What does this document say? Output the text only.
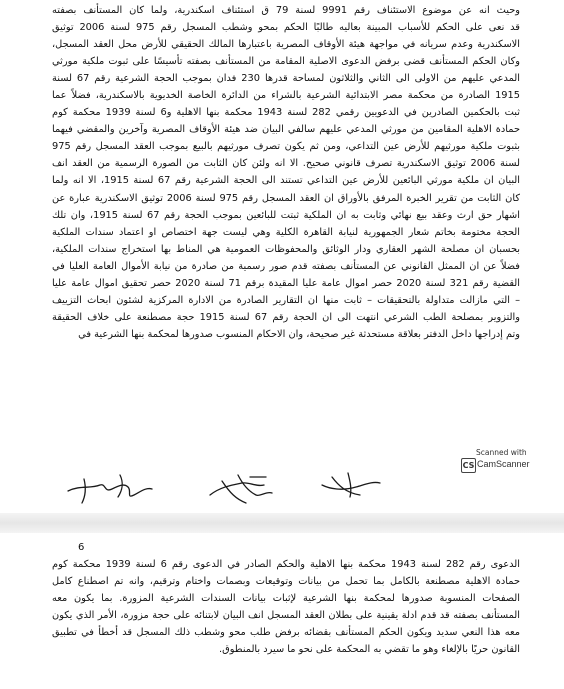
وحيث انه عن موضوع الاستئناف رقم 9991 لسنة 79 ق استئناف اسكندرية، ولما كان المستأنف بصفته
قد نعى على الحكم للأسباب المبينة بعاليه طالبًا الحكم بمحو وشطب المسجل رقم 975 لسنة 2006 توثيق
الاسكندرية وعدم سريانه في مواجهة هيئة الأوقاف المصرية باعتبارها المالك الحقيقي للأرض محل العقد المسجل،
وكان الحكم المستأنف قضى برفض الدعوى الاصلية المقامة من المستأنف بصفته تأسيسًا على ثبوت ملكية مورثي
المدعي عليهم من الاولى الى الثاني والثلاثون لمساحة قدرها 230 فدان بموجب الحجة الشرعية رقم 67 لسنة
1915 الصادرة من محكمة مصر الابتدائية الشرعية بالشراء من الدائرة الخاصة الخديوية بالاسكندرية، فضلاً عما
ثبت بالحكمين الصادرين في الدعويين رقمي 282 لسنة 1943 محكمة بنها الاهلية و6 لسنة 1939 محكمة كوم
حمادة الاهلية المقامين من مورثي المدعي عليهم سالفي البيان ضد هيئة الأوقاف المصرية وآخرين والمقضي فيهما
بثبوت ملكية مورثيهم للأرض عين التداعي، ومن ثم يكون تصرف مورثيهم بالبيع بموجب العقد المسجل رقم 975
لسنة 2006 توثيق الاسكندرية تصرف قانوني صحيح. الا انه ولئن كان الثابت من الصورة الرسمية من العقد انف
البيان ان ملكية مورثي البائعين للأرض عين التداعي تستند الى الحجة الشرعية رقم 67 لسنة 1915، الا انه ولما
كان الثابت من تقرير الخبرة المرفق بالأوراق ان العقد المسجل رقم 975 لسنة 2006 توثيق الاسكندرية عبارة عن
اشهار حق ارث وعقد بيع نهائي وثابت به ان الملكية ثبتت للبائعين بموجب الحجة رقم 67 لسنة 1915، وان تلك
الحجة مختومة بخاتم شعار الجمهورية لنيابة القاهرة الكلية وهي ليست جهة اختصاص او اعتماد سندات الملكية
بحسبان ان مصلحة الشهر العقاري ودار الوثائق والمحفوظات العمومية هي المناط بها استخراج سندات الملكية،
فضلاً عن ان الممثل القانوني عن المستأنف بصفته قدم صور رسمية من صادرة من نيابة الأموال العامة العليا في
القضية رقم 321 لسنة 2020 حصر اموال عامة عليا المقيدة برقم 71 لسنة 2020 حصر تحقيق اموال عامة عليا
– التي مازالت متداولة بالتحقيقات – ثابت منها ان التقارير الصادرة من الادارة المركزية لشئون ابحاث التزييف
والتزوير بمصلحة الطب الشرعي انتهت الى ان الحجة رقم 67 لسنة 1915 حجة مصطنعة على خلاف الحقيقة
وتم إدراجها داخل الدفتر بعلاقة مستحدثة غير صحيحة، وان الاحكام المنسوب صدورها لمحكمة بنها الشرعية في
Scanned with
CS CamScanner
6
الدعوى رقم 282 لسنة 1943 محكمة بنها الاهلية والحكم الصادر في الدعوى رقم 6 لسنة 1939 محكمة كوم
حمادة الاهلية مصطنعة بالكامل بما تحمل من بيانات وتوقيعات وبصمات واختام وترقيم، وانه تم اصطناع كامل
الصفحات المنسوبة صدورها لمحكمة بنها الشرعية لإثبات بيانات السندات الشرعية المزورة. بما يكون معه
المستأنف بصفته قد قدم ادلة يقينية على بطلان العقد المسجل انف البيان لابتنائه على حجة مزورة، الأمر الذي يكون
معه هذا النعي سديد ويكون الحكم المستأنف بقضائه برفض طلب محو وشطب ذلك المسجل قد أخطأ في تطبيق
القانون حريًا بالإلغاء وهو ما تقضي به المحكمة على نحو ما سيرد بالمنطوق.
